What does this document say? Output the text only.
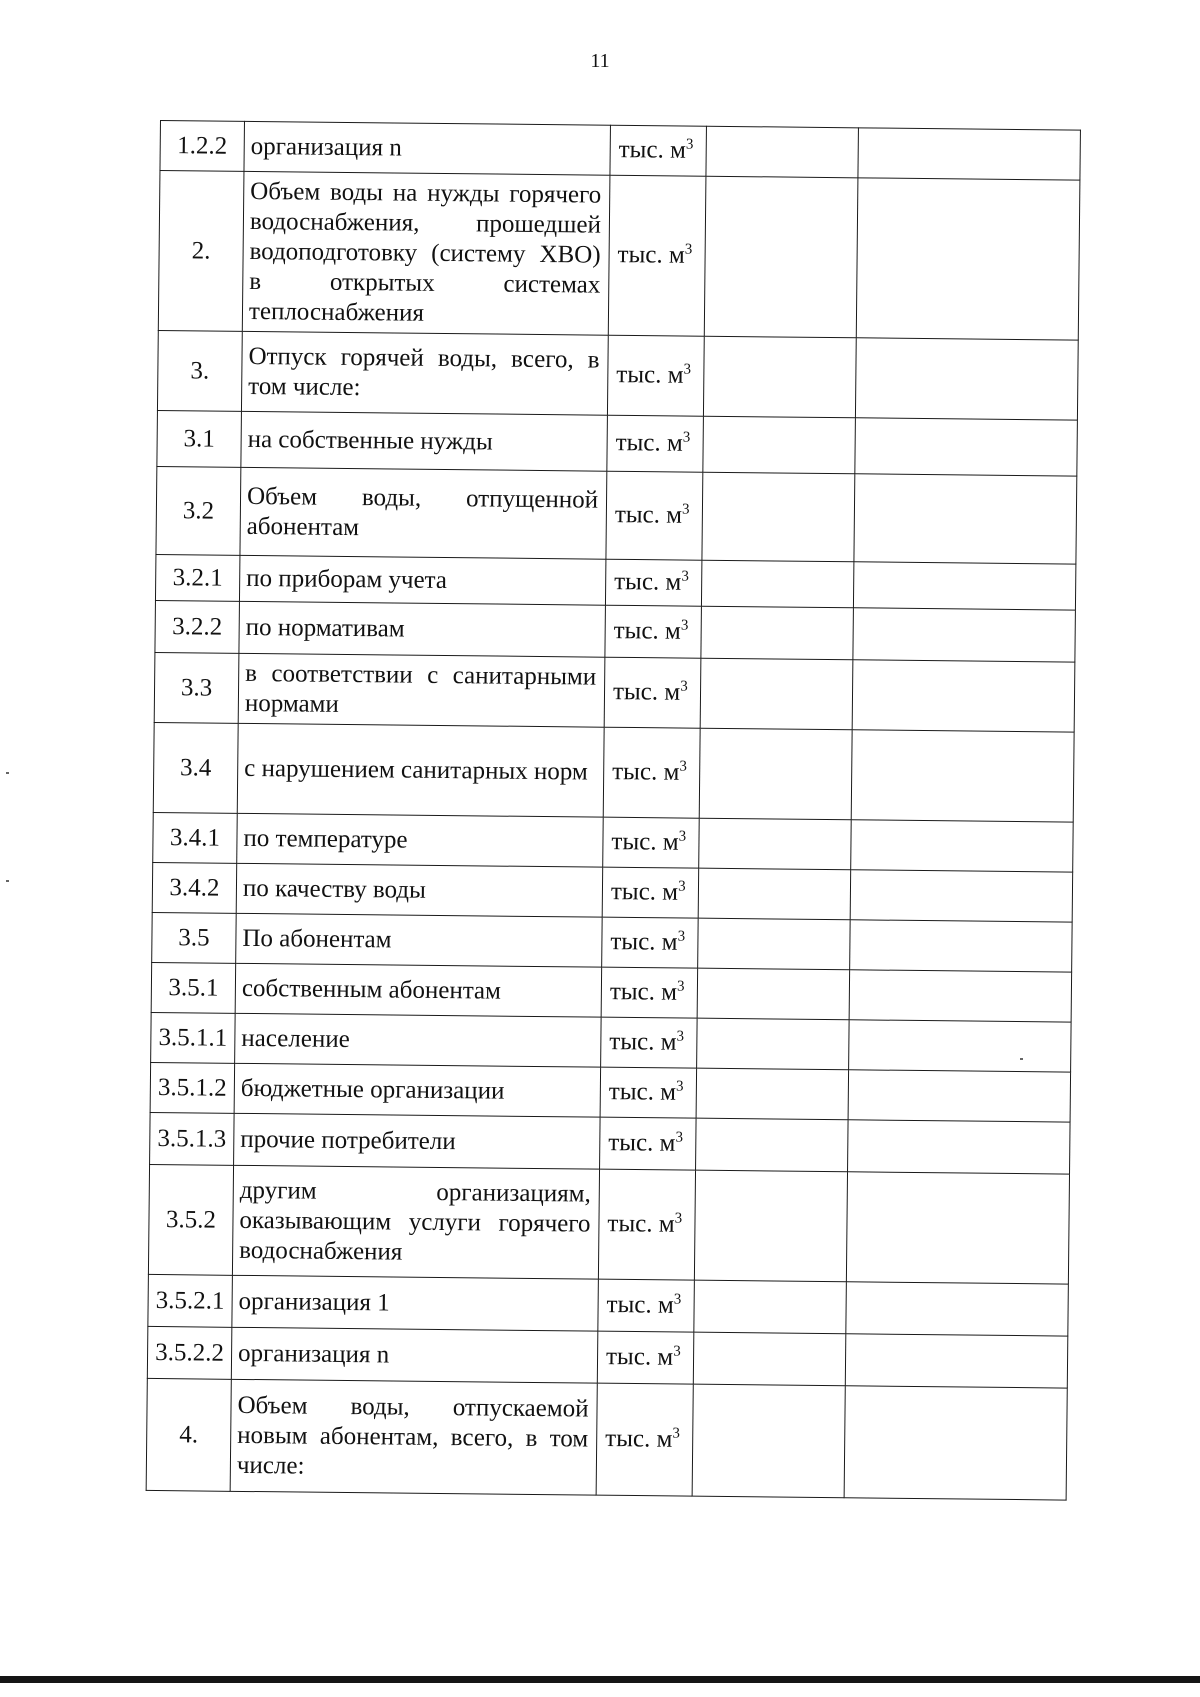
11
1.2.2	организация n	тыс. $м^3$		
2.	Объем воды на нужды горячего водоснабжения, прошедшей водоподготовку (систему ХВО) в открытых системах теплоснабжения	тыс. $м^3$		
3.	Отпуск горячей воды, всего, в том числе:	тыс. $м^3$		
3.1	на собственные нужды	тыс. $м^3$		
3.2	Объем воды, отпущенной абонентам	тыс. $м^3$		
3.2.1	по приборам учета	тыс. $м^3$		
3.2.2	по нормативам	тыс. $м^3$		
3.3	в соответствии с санитарными нормами	тыс. $м^3$		
3.4	с нарушением санитарных норм	тыс. $м^3$		
3.4.1	по температуре	тыс. $м^3$		
3.4.2	по качеству воды	тыс. $м^3$		
3.5	По абонентам	тыс. $м^3$		
3.5.1	собственным абонентам	тыс. $м^3$		
3.5.1.1	население	тыс. $м^3$		
3.5.1.2	бюджетные организации	тыс. $м^3$		
3.5.1.3	прочие потребители	тыс. $м^3$		
3.5.2	другим организациям, оказывающим услуги горячего водоснабжения	тыс. $м^3$		
3.5.2.1	организация 1	тыс. $м^3$		
3.5.2.2	организация n	тыс. $м^3$		
4.	Объем воды, отпускаемой новым абонентам, всего, в том числе:	тыс. $м^3$		
